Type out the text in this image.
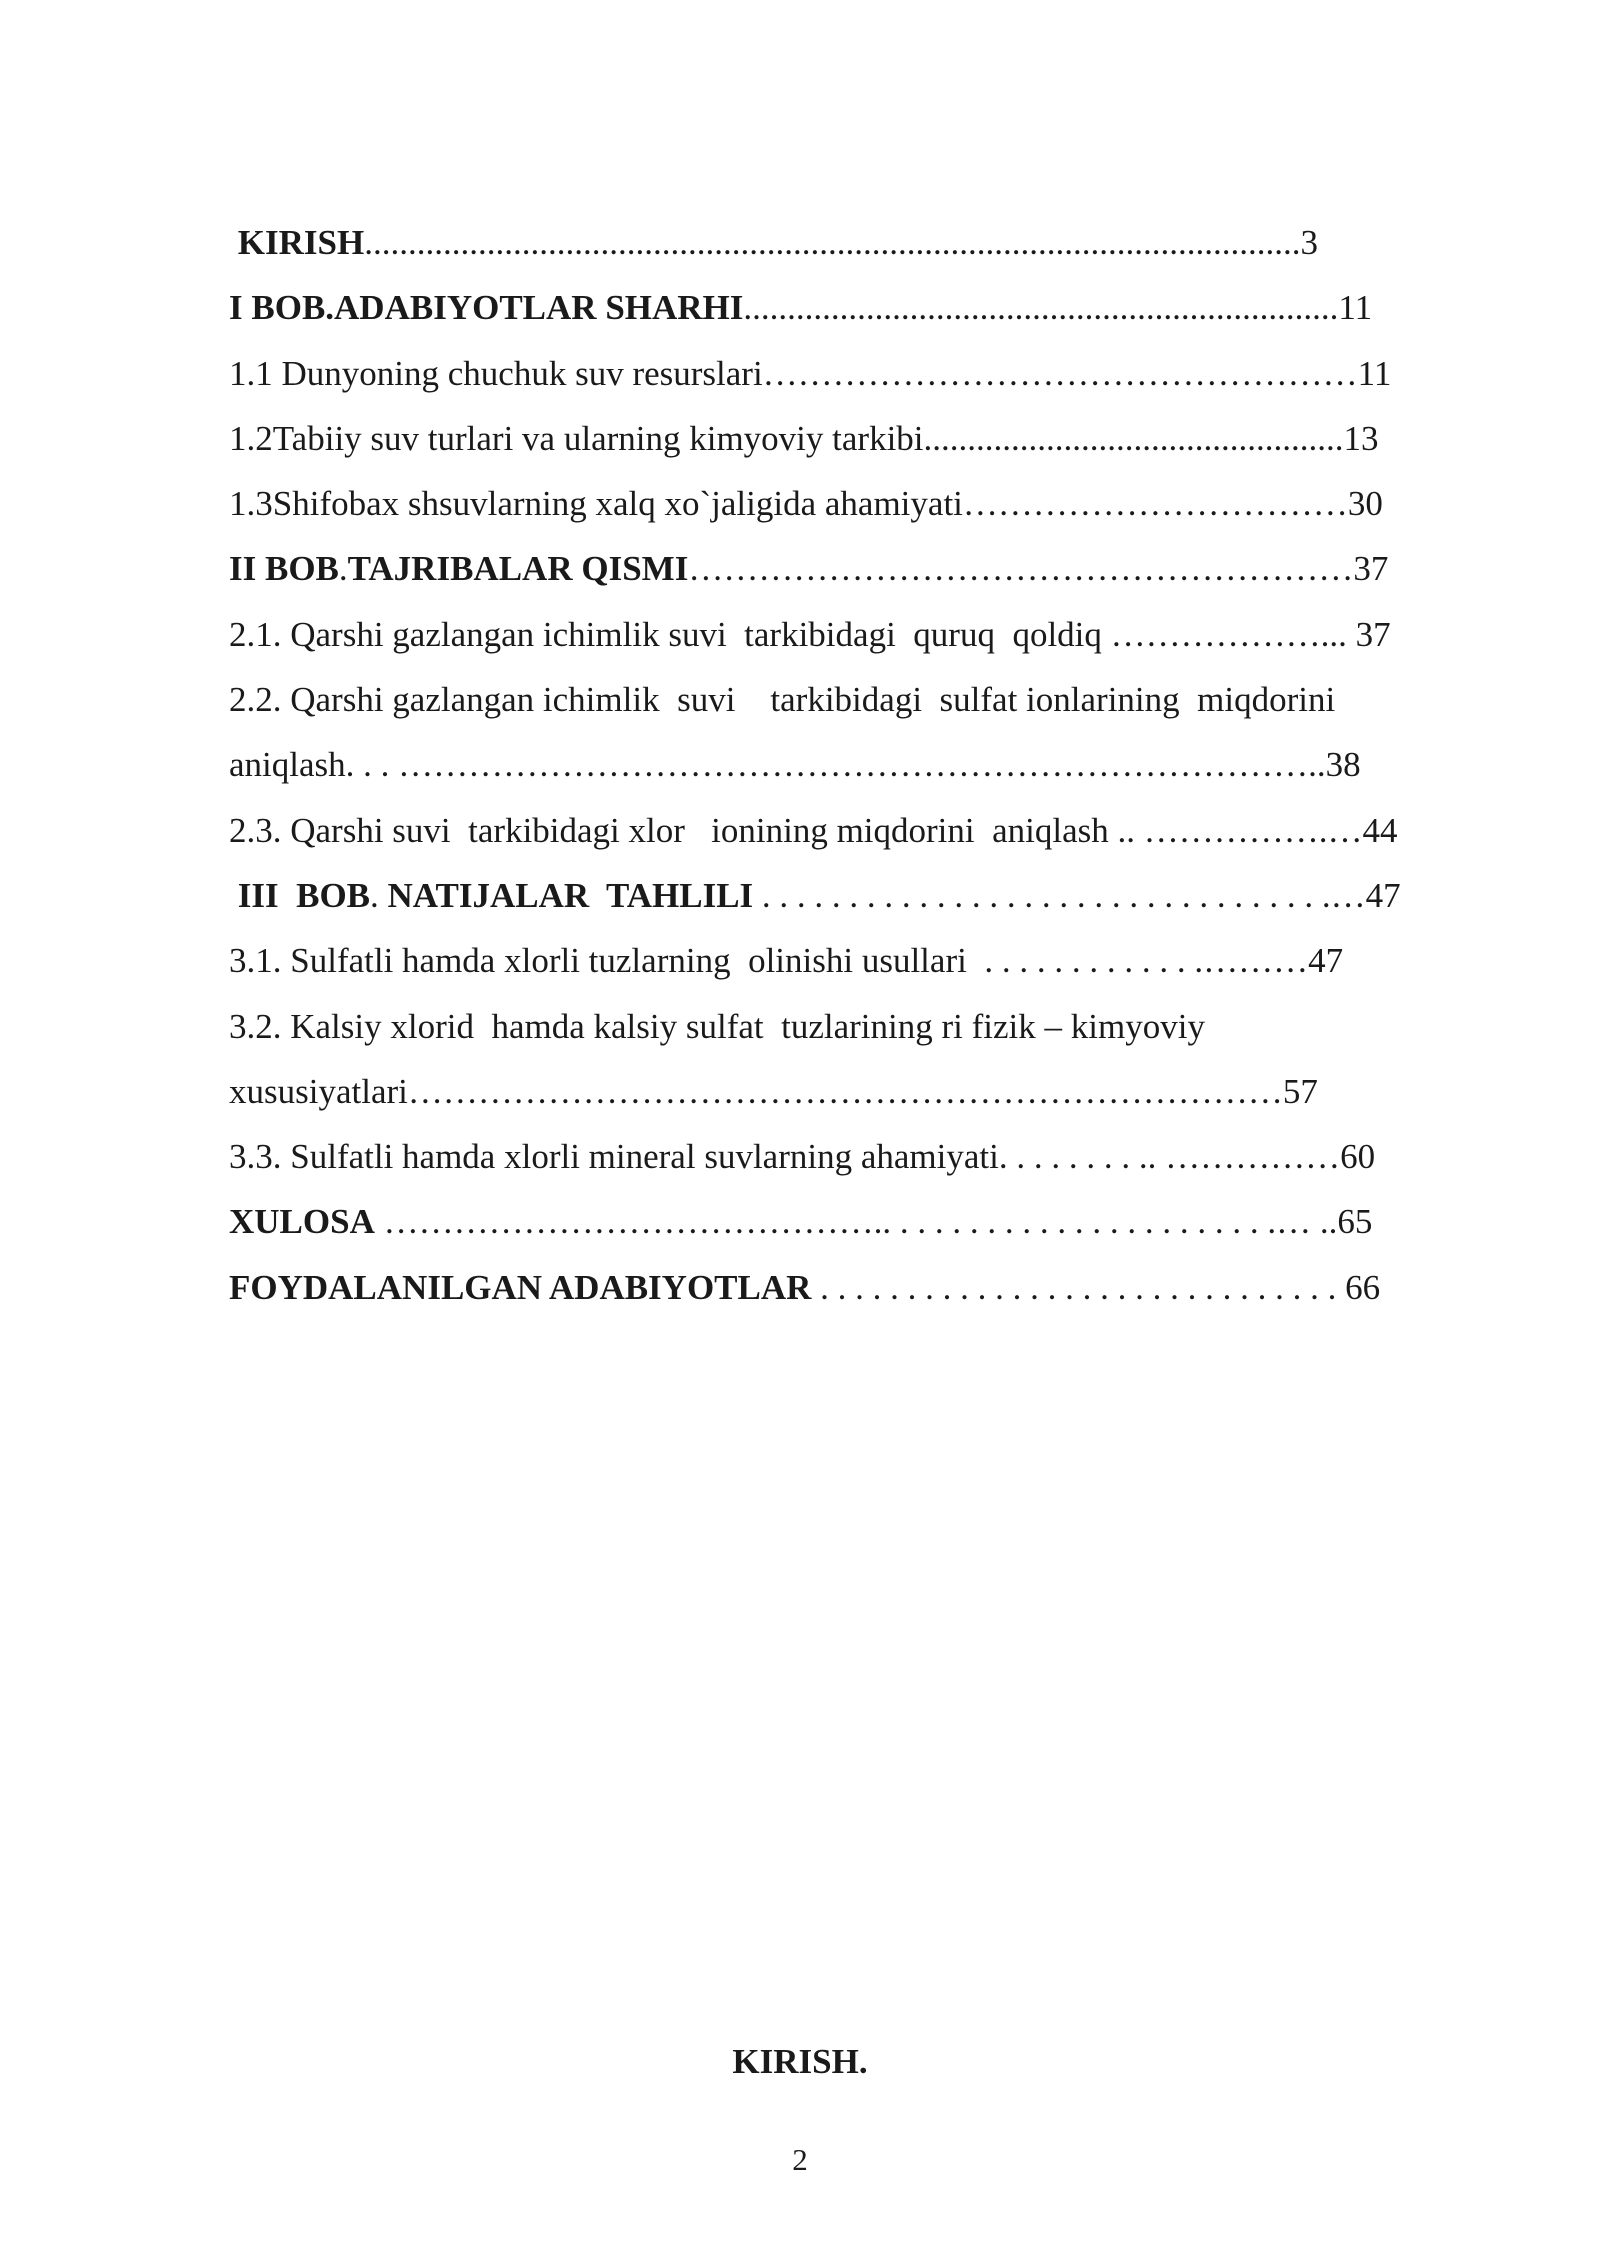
KIRISH...........................................................................................................3

I BOB.ADABIYOTLAR SHARHI....................................................................11

1.1 Dunyoning chuchuk suv resurslari……………………………………………11

1.2Tabiiy suv turlari va ularning kimyoviy tarkibi................................................13

1.3Shifobax shsuvlarning xalq xo`jaligida ahamiyati……………………………30

II BOB.TAJRIBALAR QISMI…………………………………………………37

2.1. Qarshi gazlangan ichimlik suvi  tarkibidagi  quruq  qoldiq ………………... 37

2.2. Qarshi gazlangan ichimlik  suvi    tarkibidagi  sulfat ionlarining  miqdorini

aniqlash. . . ……………………………………………………………………..38

2.3. Qarshi suvi  tarkibidagi xlor   ionining miqdorini  aniqlash .. …………….…44

III  BOB. NATIJALAR  TAHLILI . . . . . . . . . . . . . . . . . . . . . . . . . . . . . . . . .…47

3.1. Sulfatli hamda xlorli tuzlarning  olinishi usullari  . . . . . . . . . . . . .………47

3.2. Kalsiy xlorid  hamda kalsiy sulfat  tuzlarining ri fizik – kimyoviy

xususiyatlari…………………………………………………………………57

3.3. Sulfatli hamda xlorli mineral suvlarning ahamiyati. . . . . . . . .. ……………60

XULOSA …………………………………….. . . . . . . . . . . . . . . . . . . . . . .… ..65

FOYDALANILGAN ADABIYOTLAR . . . . . . . . . . . . . . . . . . . . . . . . . . . . . . 66

KIRISH.
2
